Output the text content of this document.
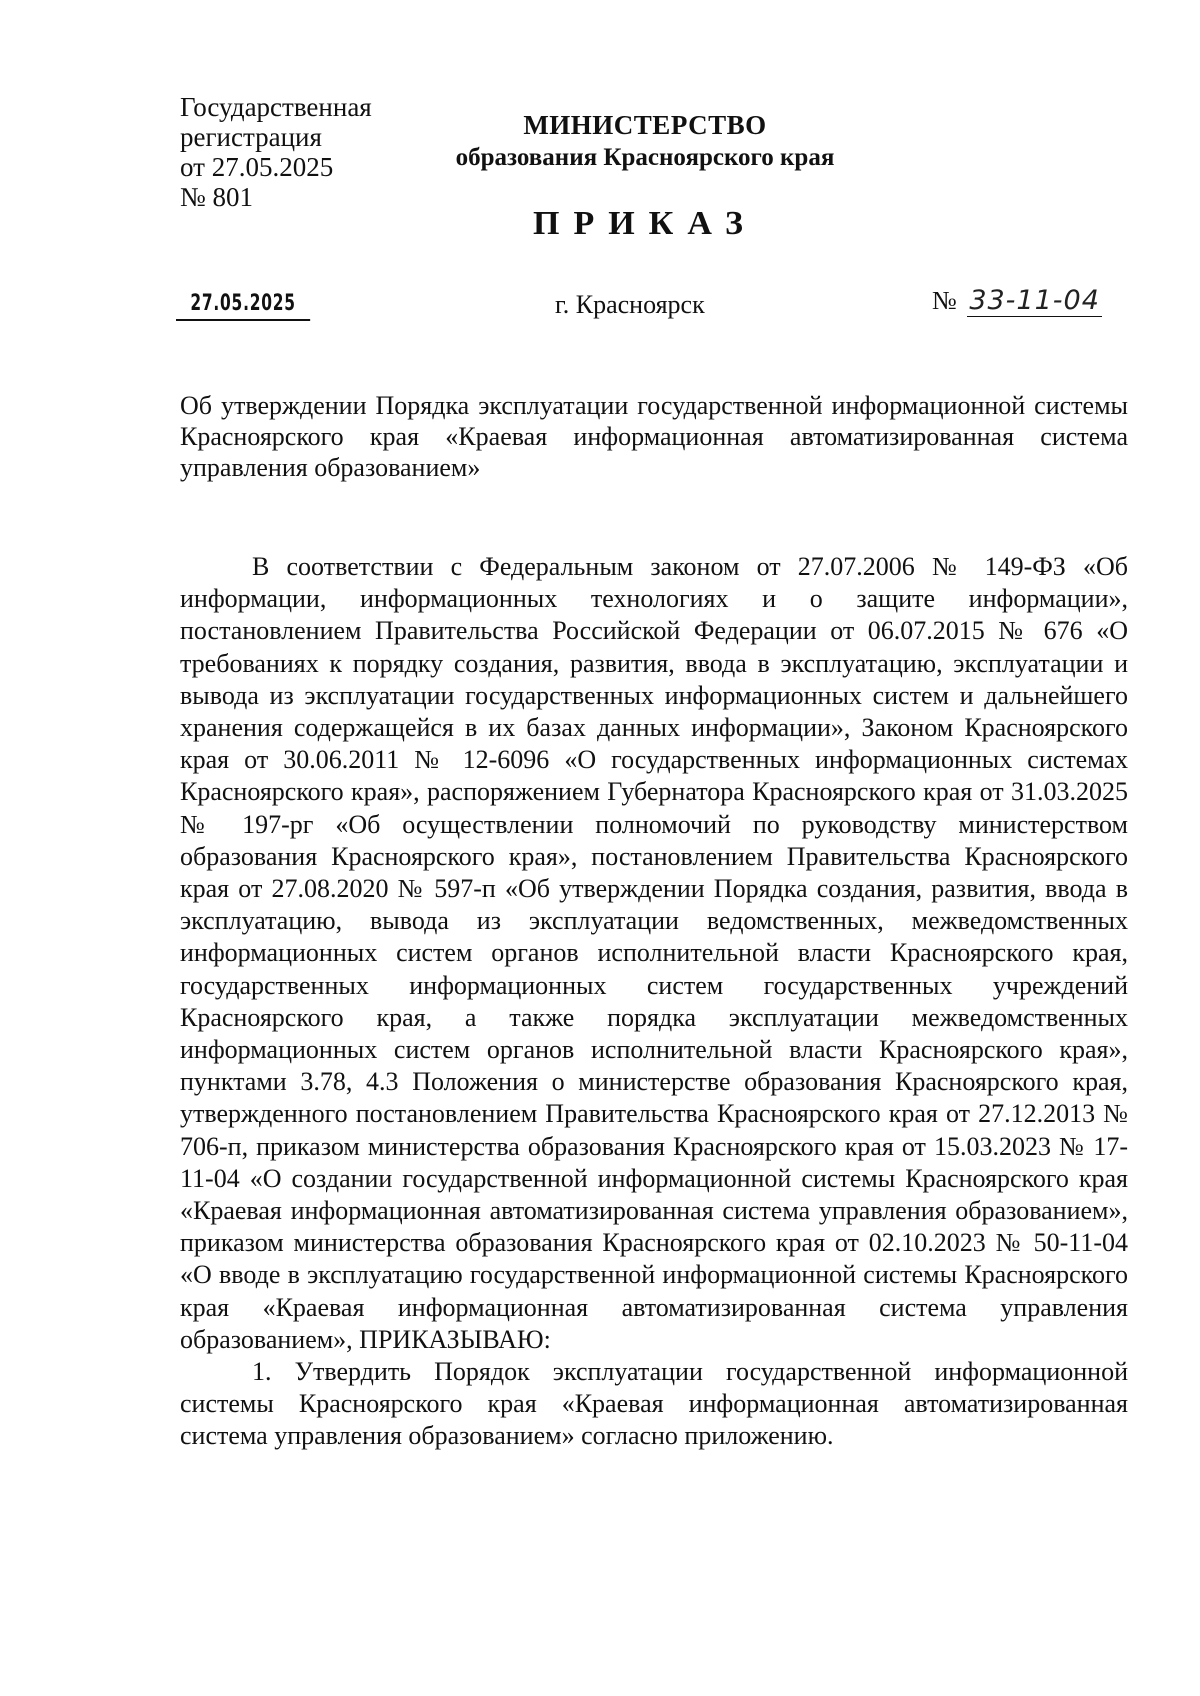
Государственная
регистрация
от 27.05.2025
№ 801
МИНИСТЕРСТВО
образования Красноярского края
ПРИКАЗ
27.05.2025	г. Красноярск	№ 33-11-04
Об утверждении Порядка эксплуатации государственной информационной системы Красноярского края «Краевая информационная автоматизированная система управления образованием»

В соответствии с Федеральным законом от 27.07.2006 № 149-ФЗ «Об информации, информационных технологиях и о защите информации», постановлением Правительства Российской Федерации от 06.07.2015 № 676 «О требованиях к порядку создания, развития, ввода в эксплуатацию, эксплуатации и вывода из эксплуатации государственных информационных систем и дальнейшего хранения содержащейся в их базах данных информации», Законом Красноярского края от 30.06.2011 № 12-6096 «О государственных информационных системах Красноярского края», распоряжением Губернатора Красноярского края от 31.03.2025 № 197-рг «Об осуществлении полномочий по руководству министерством образования Красноярского края», постановлением Правительства Красноярского края от 27.08.2020 № 597-п «Об утверждении Порядка создания, развития, ввода в эксплуатацию, вывода из эксплуатации ведомственных, межведомственных информационных систем органов исполнительной власти Красноярского края, государственных информационных систем государственных учреждений Красноярского края, а также порядка эксплуатации межведомственных информационных систем органов исполнительной власти Красноярского края», пунктами 3.78, 4.3 Положения о министерстве образования Красноярского края, утвержденного постановлением Правительства Красноярского края от 27.12.2013 № 706-п, приказом министерства образования Красноярского края от 15.03.2023 № 17-11-04 «О создании государственной информационной системы Красноярского края «Краевая информационная автоматизированная система управления образованием», приказом министерства образования Красноярского края от 02.10.2023 № 50-11-04 «О вводе в эксплуатацию государственной информационной системы Красноярского края «Краевая информационная автоматизированная система управления образованием», ПРИКАЗЫВАЮ:

1. Утвердить Порядок эксплуатации государственной информационной системы Красноярского края «Краевая информационная автоматизированная система управления образованием» согласно приложению.
